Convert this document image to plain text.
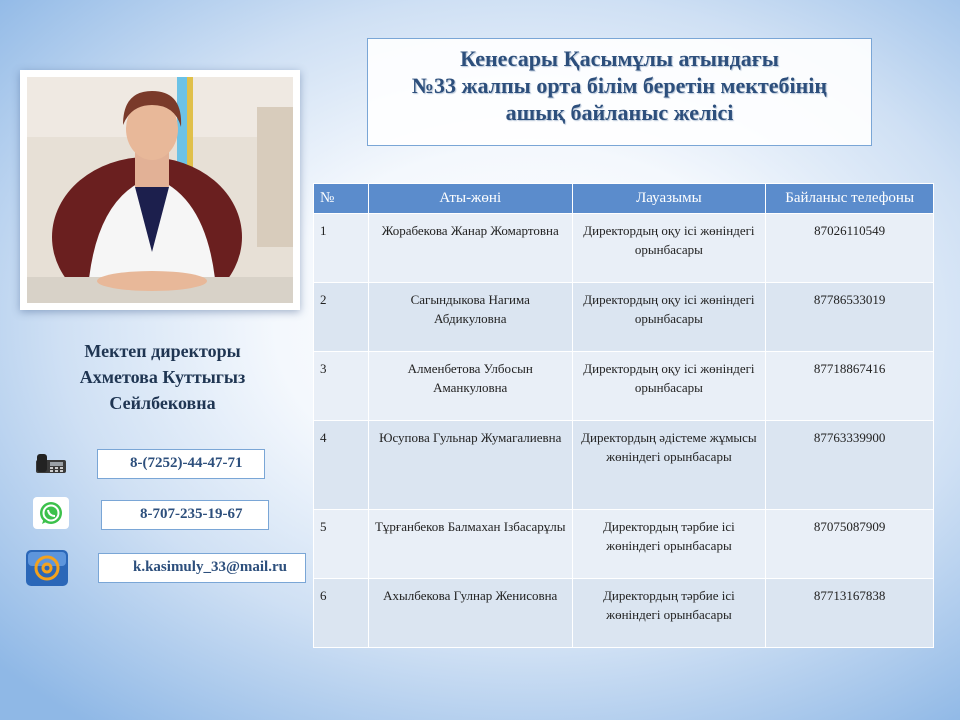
Кенесары Қасымұлы атындағы
№33 жалпы орта білім беретін мектебінің
ашық байланыс желісі
Мектеп директоры
Ахметова Куттыгыз
Сейлбековна
8-(7252)-44-47-71
8-707-235-19-67
k.kasimuly_33@mail.ru
№	Аты-жөні	Лауазымы	Байланыс телефоны
1	Жорабекова Жанар Жомартовна	Директордың оқу ісі жөніндегі орынбасары	87026110549
2	Сагындыкова Нагима Абдикуловна	Директордың оқу ісі жөніндегі орынбасары	87786533019
3	Алменбетова Улбосын Аманкуловна	Директордың оқу ісі жөніндегі орынбасары	87718867416
4	Юсупова Гульнар Жумагалиевна	Директордың әдістеме жұмысы жөніндегі орынбасары	87763339900
5	Тұрғанбеков Балмахан Ізбасарұлы	Директордың тәрбие ісі жөніндегі орынбасары	87075087909
6	Ахылбекова Гулнар Женисовна	Директордың тәрбие ісі жөніндегі орынбасары	87713167838
